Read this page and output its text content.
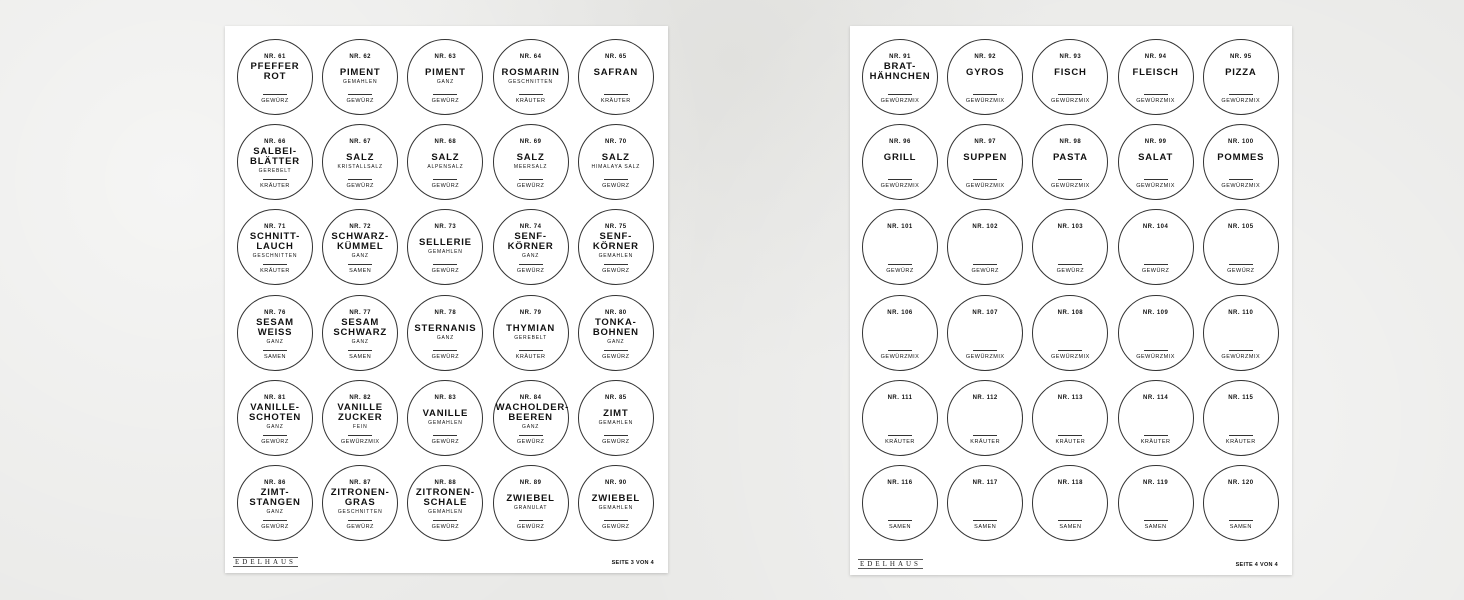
NR. 61
PFEFFER
ROT
GEWÜRZ
NR. 62
PIMENT
GEMAHLEN
GEWÜRZ
NR. 63
PIMENT
GANZ
GEWÜRZ
NR. 64
ROSMARIN
GESCHNITTEN
KRÄUTER
NR. 65
SAFRAN
KRÄUTER
NR. 66
SALBEI-
BLÄTTER
GEREBELT
KRÄUTER
NR. 67
SALZ
KRISTALLSALZ
GEWÜRZ
NR. 68
SALZ
ALPENSALZ
GEWÜRZ
NR. 69
SALZ
MEERSALZ
GEWÜRZ
NR. 70
SALZ
HIMALAYA SALZ
GEWÜRZ
NR. 71
SCHNITT-
LAUCH
GESCHNITTEN
KRÄUTER
NR. 72
SCHWARZ-
KÜMMEL
GANZ
SAMEN
NR. 73
SELLERIE
GEMAHLEN
GEWÜRZ
NR. 74
SENF-
KÖRNER
GANZ
GEWÜRZ
NR. 75
SENF-
KÖRNER
GEMAHLEN
GEWÜRZ
NR. 76
SESAM
WEISS
GANZ
SAMEN
NR. 77
SESAM
SCHWARZ
GANZ
SAMEN
NR. 78
STERNANIS
GANZ
GEWÜRZ
NR. 79
THYMIAN
GEREBELT
KRÄUTER
NR. 80
TONKA-
BOHNEN
GANZ
GEWÜRZ
NR. 81
VANILLE-
SCHOTEN
GANZ
GEWÜRZ
NR. 82
VANILLE
ZUCKER
FEIN
GEWÜRZMIX
NR. 83
VANILLE
GEMAHLEN
GEWÜRZ
NR. 84
WACHOLDER-
BEEREN
GANZ
GEWÜRZ
NR. 85
ZIMT
GEMAHLEN
GEWÜRZ
NR. 86
ZIMT-
STANGEN
GANZ
GEWÜRZ
NR. 87
ZITRONEN-
GRAS
GESCHNITTEN
GEWÜRZ
NR. 88
ZITRONEN-
SCHALE
GEMAHLEN
GEWÜRZ
NR. 89
ZWIEBEL
GRANULAT
GEWÜRZ
NR. 90
ZWIEBEL
GEMAHLEN
GEWÜRZ
EDELHAUS	SEITE 3 VON 4
NR. 91
BRAT-
HÄHNCHEN
GEWÜRZMIX
NR. 92
GYROS
GEWÜRZMIX
NR. 93
FISCH
GEWÜRZMIX
NR. 94
FLEISCH
GEWÜRZMIX
NR. 95
PIZZA
GEWÜRZMIX
NR. 96
GRILL
GEWÜRZMIX
NR. 97
SUPPEN
GEWÜRZMIX
NR. 98
PASTA
GEWÜRZMIX
NR. 99
SALAT
GEWÜRZMIX
NR. 100
POMMES
GEWÜRZMIX
NR. 101
GEWÜRZ
NR. 102
GEWÜRZ
NR. 103
GEWÜRZ
NR. 104
GEWÜRZ
NR. 105
GEWÜRZ
NR. 106
GEWÜRZMIX
NR. 107
GEWÜRZMIX
NR. 108
GEWÜRZMIX
NR. 109
GEWÜRZMIX
NR. 110
GEWÜRZMIX
NR. 111
KRÄUTER
NR. 112
KRÄUTER
NR. 113
KRÄUTER
NR. 114
KRÄUTER
NR. 115
KRÄUTER
NR. 116
SAMEN
NR. 117
SAMEN
NR. 118
SAMEN
NR. 119
SAMEN
NR. 120
SAMEN
EDELHAUS	SEITE 4 VON 4
